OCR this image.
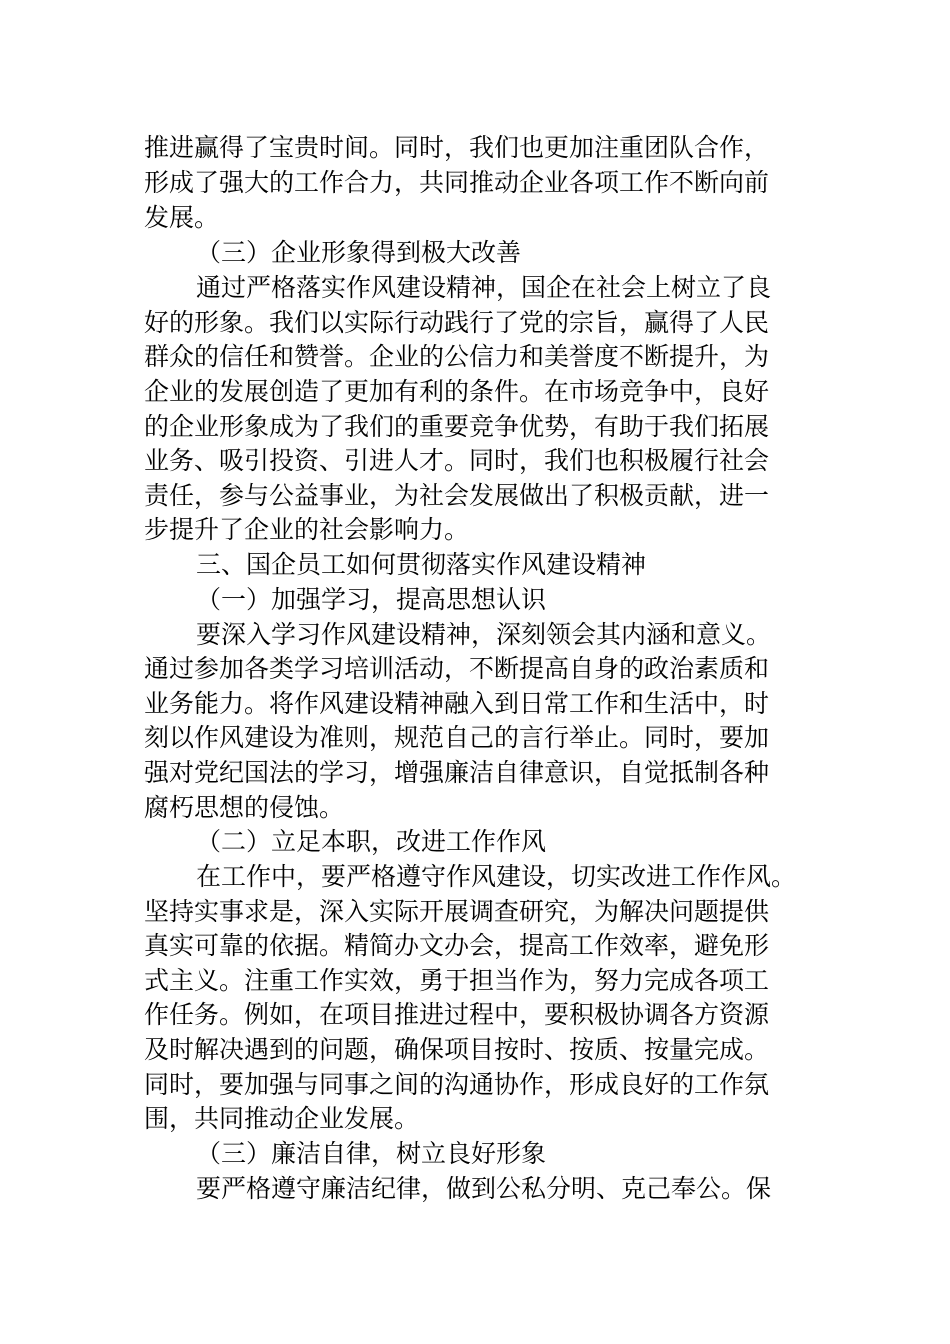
推进赢得了宝贵时间。同时，我们也更加注重团队合作，
形成了强大的工作合力，共同推动企业各项工作不断向前
发展。
（三）企业形象得到极大改善
通过严格落实作风建设精神，国企在社会上树立了良
好的形象。我们以实际行动践行了党的宗旨，赢得了人民
群众的信任和赞誉。企业的公信力和美誉度不断提升，为
企业的发展创造了更加有利的条件。在市场竞争中，良好
的企业形象成为了我们的重要竞争优势，有助于我们拓展
业务、吸引投资、引进人才。同时，我们也积极履行社会
责任，参与公益事业，为社会发展做出了积极贡献，进一
步提升了企业的社会影响力。
三、国企员工如何贯彻落实作风建设精神
（一）加强学习，提高思想认识
要深入学习作风建设精神，深刻领会其内涵和意义。
通过参加各类学习培训活动，不断提高自身的政治素质和
业务能力。将作风建设精神融入到日常工作和生活中，时
刻以作风建设为准则，规范自己的言行举止。同时，要加
强对党纪国法的学习，增强廉洁自律意识，自觉抵制各种
腐朽思想的侵蚀。
（二）立足本职，改进工作作风
在工作中，要严格遵守作风建设，切实改进工作作风。
坚持实事求是，深入实际开展调查研究，为解决问题提供
真实可靠的依据。精简办文办会，提高工作效率，避免形
式主义。注重工作实效，勇于担当作为，努力完成各项工
作任务。例如，在项目推进过程中，要积极协调各方资源
及时解决遇到的问题，确保项目按时、按质、按量完成。
同时，要加强与同事之间的沟通协作，形成良好的工作氛
围，共同推动企业发展。
（三）廉洁自律，树立良好形象
要严格遵守廉洁纪律，做到公私分明、克己奉公。保
